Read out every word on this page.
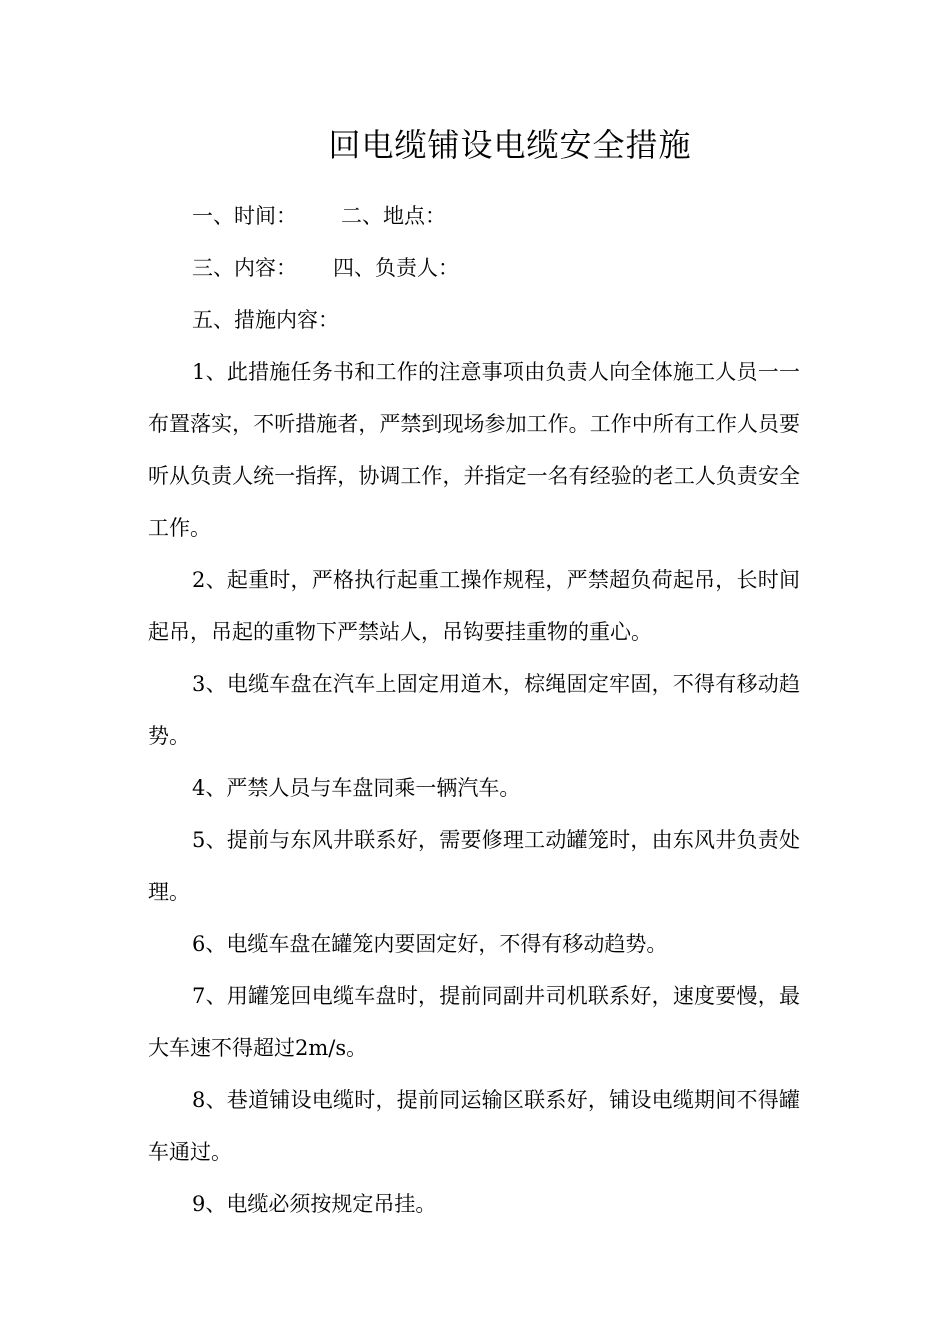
回电缆铺设电缆安全措施

一、时间： 二、地点：

三、内容： 四、负责人：

五、措施内容：

1、此措施任务书和工作的注意事项由负责人向全体施工人员一一布置落实，不听措施者，严禁到现场参加工作。工作中所有工作人员要听从负责人统一指挥，协调工作，并指定一名有经验的老工人负责安全工作。

2、起重时，严格执行起重工操作规程，严禁超负荷起吊，长时间起吊，吊起的重物下严禁站人，吊钩要挂重物的重心。

3、电缆车盘在汽车上固定用道木，棕绳固定牢固，不得有移动趋势。

4、严禁人员与车盘同乘一辆汽车。

5、提前与东风井联系好，需要修理工动罐笼时，由东风井负责处理。

6、电缆车盘在罐笼内要固定好，不得有移动趋势。

7、用罐笼回电缆车盘时，提前同副井司机联系好，速度要慢，最大车速不得超过2m/s。

8、巷道铺设电缆时，提前同运输区联系好，铺设电缆期间不得罐车通过。

9、电缆必须按规定吊挂。
